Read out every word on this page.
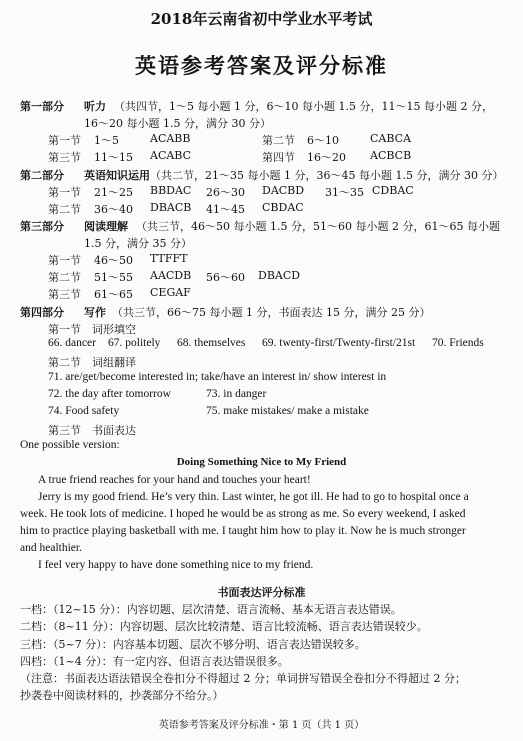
2018年云南省初中学业水平考试
英语参考答案及评分标准
第一部分 听力 （共四节，1～5 每小题 1 分，6～10 每小题 1.5 分，11～15 每小题 2 分，
16～20 每小题 1.5 分，满分 30 分）
第一节 1～5	ACABB	第二节 6～10	CABCA
第三节 11～15 ACABC	第四节 16～20 ACBCB
第二部分 英语知识运用 （共二节，21～35 每小题 1 分，36～45 每小题 1.5 分，满分 30 分）
第一节 21～25 BBDAC 26～30 DACBD 31～35 CDBAC
第二节 36～40 DBACB 41～45 CBDAC
第三部分 阅读理解 （共三节，46～50 每小题 1.5 分，51～60 每小题 2 分，61～65 每小题
1.5 分，满分 35 分）
第一节 46～50 TTFFT
第二节 51～55 AACDB 56～60 DBACD
第三节 61～65 CEGAF
第四部分 写作 （共三节，66～75 每小题 1 分，书面表达 15 分，满分 25 分）
第一节　词形填空
66. dancer 67. politely 68. themselves 69. twenty-first/Twenty-first/21st 70. Friends
第二节　词组翻译
71. are/get/become interested in; take/have an interest in/ show interest in
72. the day after tomorrow	73. in danger
74. Food safety	75. make mistakes/ make a mistake
第三节　书面表达
One possible version:
Doing Something Nice to My Friend
A true friend reaches for your hand and touches your heart!
Jerry is my good friend. He’s very thin. Last winter, he got ill. He had to go to hospital once a
week. He took lots of medicine. I hoped he would be as strong as me. So every weekend, I asked
him to practice playing basketball with me. I taught him how to play it. Now he is much stronger
and healthier.
I feel very happy to have done something nice to my friend.
书面表达评分标准
一档：（12~15 分）：内容切题、层次清楚、语言流畅、基本无语言表达错误。
二档：（8~11 分）：内容切题、层次比较清楚、语言比较流畅、语言表达错误较少。
三档：（5~7 分）：内容基本切题、层次不够分明、语言表达错误较多。
四档：（1~4 分）：有一定内容、但语言表达错误很多。
（注意：书面表达语法错误全卷扣分不得超过 2 分；单词拼写错误全卷扣分不得超过 2 分；
抄袭卷中阅读材料的，抄袭部分不给分。）
英语参考答案及评分标准・第 1 页（共 1 页）
